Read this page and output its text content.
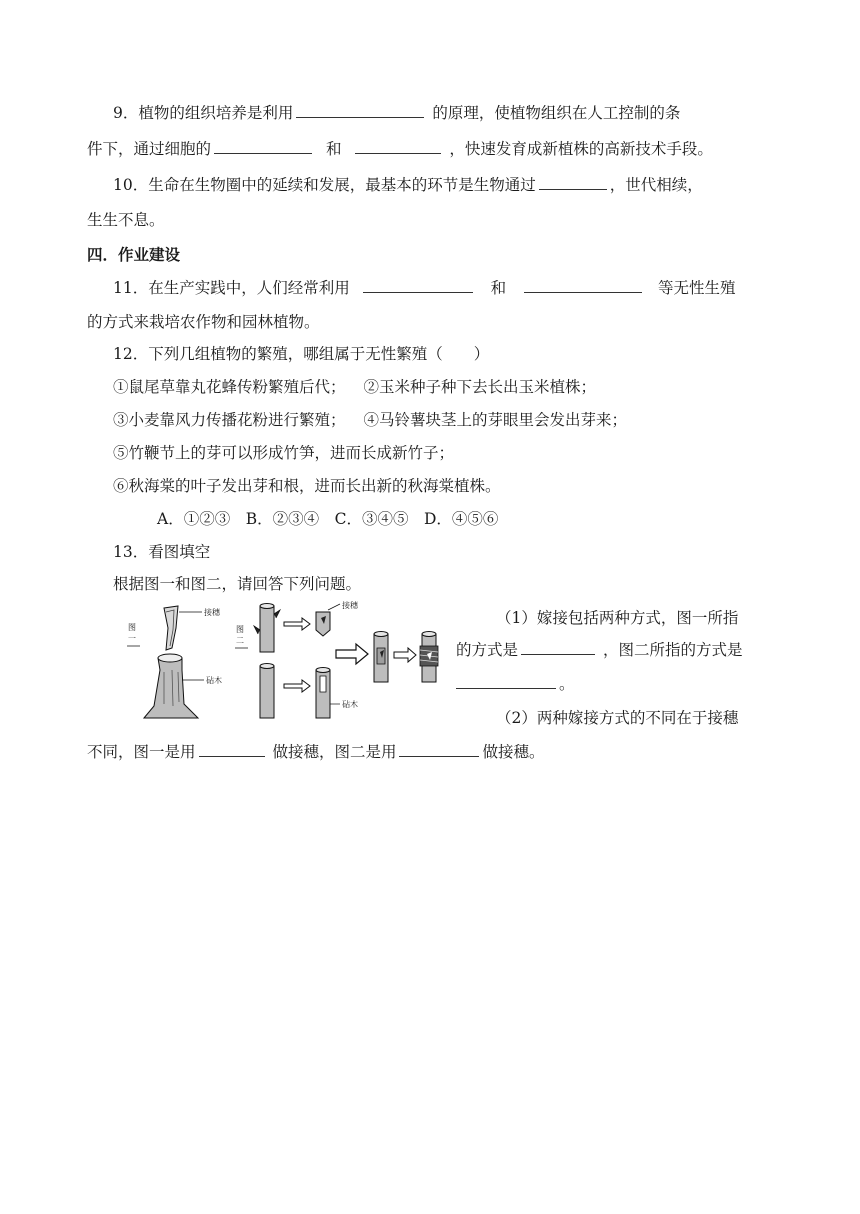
9．植物的组织培养是利用	的原理，使植物组织在人工控制的条
件下，通过细胞的	和	，快速发育成新植株的高新技术手段。
10．生命在生物圈中的延续和发展，最基本的环节是生物通过	，世代相续，
生生不息。
四．作业建设
11．在生产实践中，人们经常利用	和	等无性生殖
的方式来栽培农作物和园林植物。
12．下列几组植物的繁殖，哪组属于无性繁殖（　　）
①鼠尾草靠丸花蜂传粉繁殖后代； ②玉米种子种下去长出玉米植株；
③小麦靠风力传播花粉进行繁殖； ④马铃薯块茎上的芽眼里会发出芽来；
⑤竹鞭节上的芽可以形成竹笋，进而长成新竹子；
⑥秋海棠的叶子发出芽和根，进而长出新的秋海棠植株。
A．①②③　B．②③④　C．③④⑤　D．④⑤⑥
13．看图填空
根据图一和图二，请回答下列问题。
图一
接穗
砧木
图二
接穗
砧木
（1）嫁接包括两种方式，图一所指
的方式是	，图二所指的方式是
。
（2）两种嫁接方式的不同在于接穗
不同，图一是用	做接穗，图二是用	做接穗。
